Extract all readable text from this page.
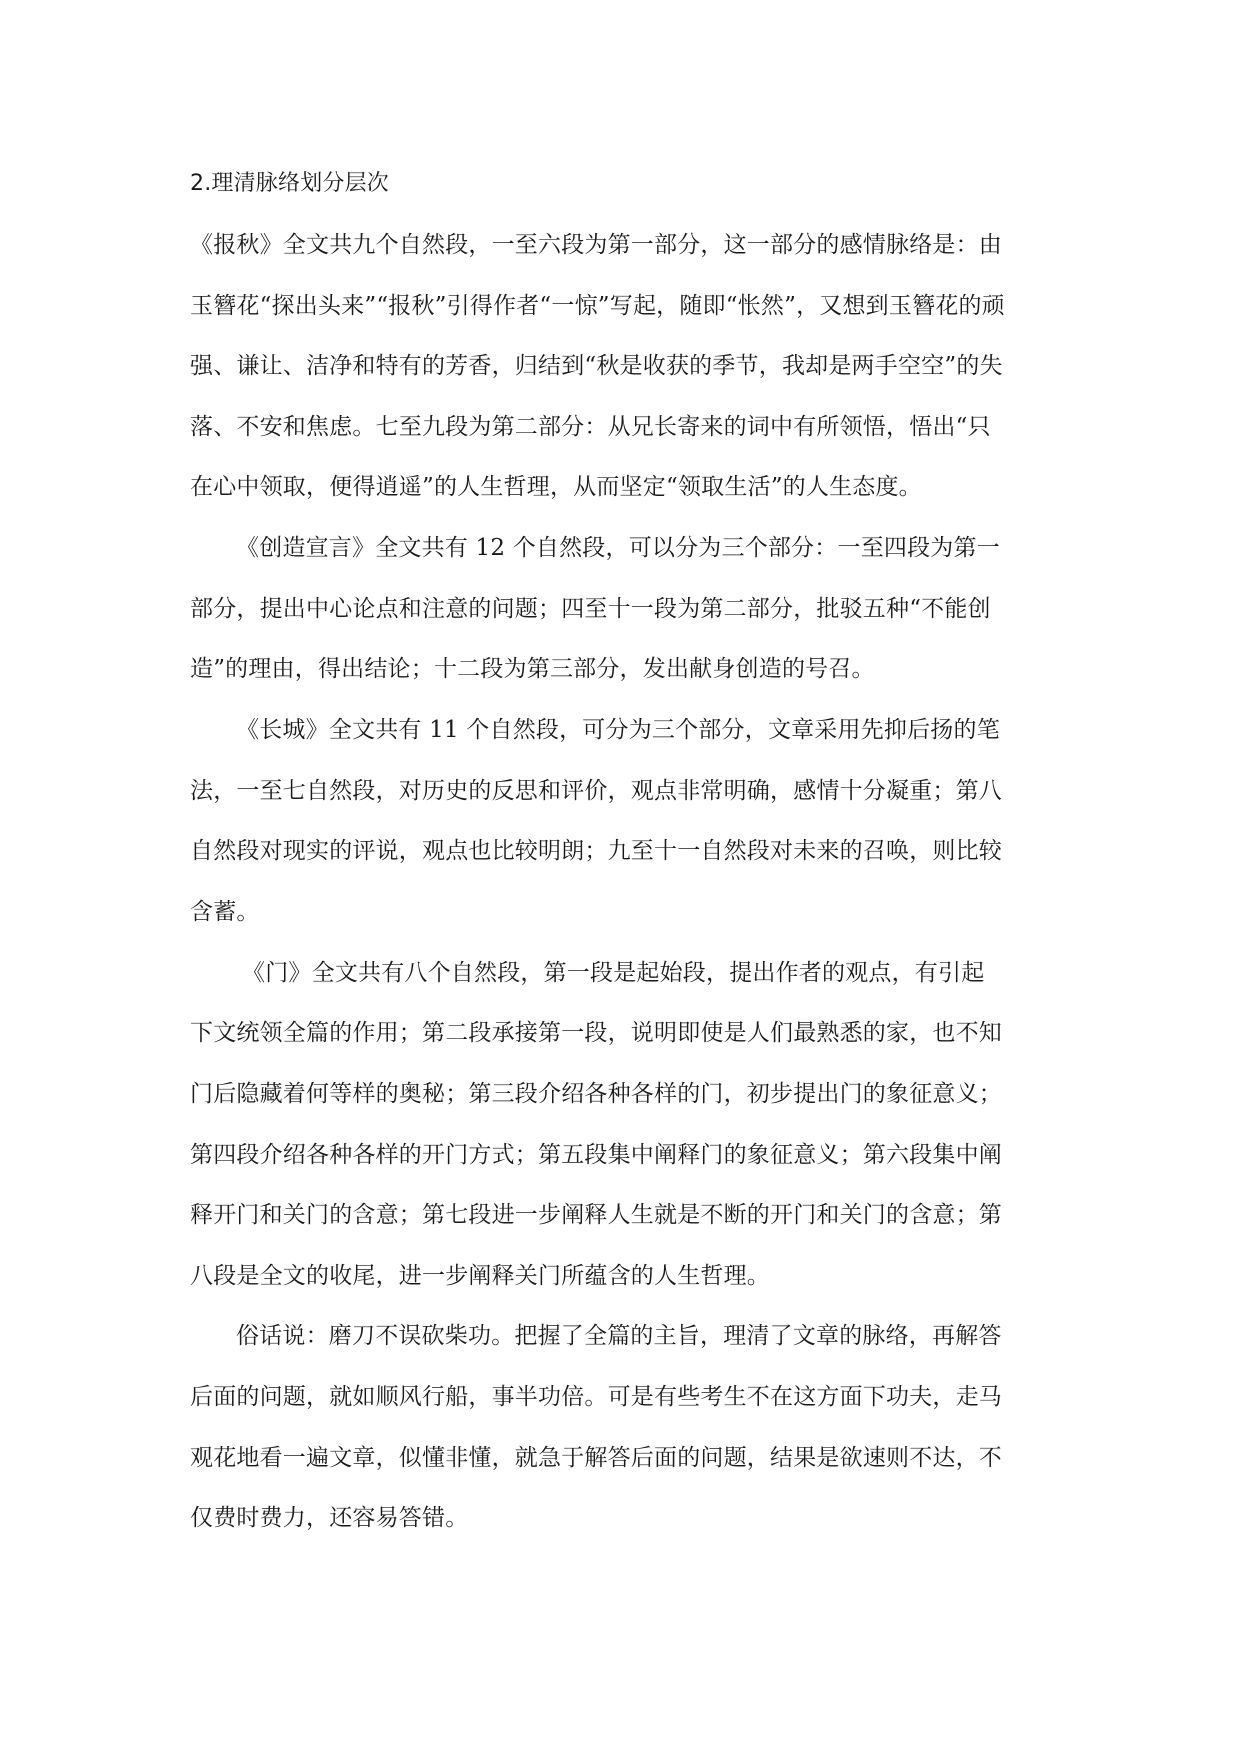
2.理清脉络划分层次
《报秋》全文共九个自然段，一至六段为第一部分，这一部分的感情脉络是：由
玉簪花“探出头来”“报秋”引得作者“一惊”写起，随即“怅然”，又想到玉簪花的顽
强、谦让、洁净和特有的芳香，归结到“秋是收获的季节，我却是两手空空”的失
落、不安和焦虑。七至九段为第二部分：从兄长寄来的词中有所领悟，悟出“只
在心中领取，便得逍遥”的人生哲理，从而坚定“领取生活”的人生态度。
《创造宣言》全文共有 12 个自然段，可以分为三个部分：一至四段为第一
部分，提出中心论点和注意的问题；四至十一段为第二部分，批驳五种“不能创
造”的理由，得出结论；十二段为第三部分，发出献身创造的号召。
《长城》全文共有 11 个自然段，可分为三个部分，文章采用先抑后扬的笔
法，一至七自然段，对历史的反思和评价，观点非常明确，感情十分凝重；第八
自然段对现实的评说，观点也比较明朗；九至十一自然段对未来的召唤，则比较
含蓄。
《门》全文共有八个自然段，第一段是起始段，提出作者的观点，有引起
下文统领全篇的作用；第二段承接第一段，说明即使是人们最熟悉的家，也不知
门后隐藏着何等样的奥秘；第三段介绍各种各样的门，初步提出门的象征意义；
第四段介绍各种各样的开门方式；第五段集中阐释门的象征意义；第六段集中阐
释开门和关门的含意；第七段进一步阐释人生就是不断的开门和关门的含意；第
八段是全文的收尾，进一步阐释关门所蕴含的人生哲理。
俗话说：磨刀不误砍柴功。把握了全篇的主旨，理清了文章的脉络，再解答
后面的问题，就如顺风行船，事半功倍。可是有些考生不在这方面下功夫，走马
观花地看一遍文章，似懂非懂，就急于解答后面的问题，结果是欲速则不达，不
仅费时费力，还容易答错。
